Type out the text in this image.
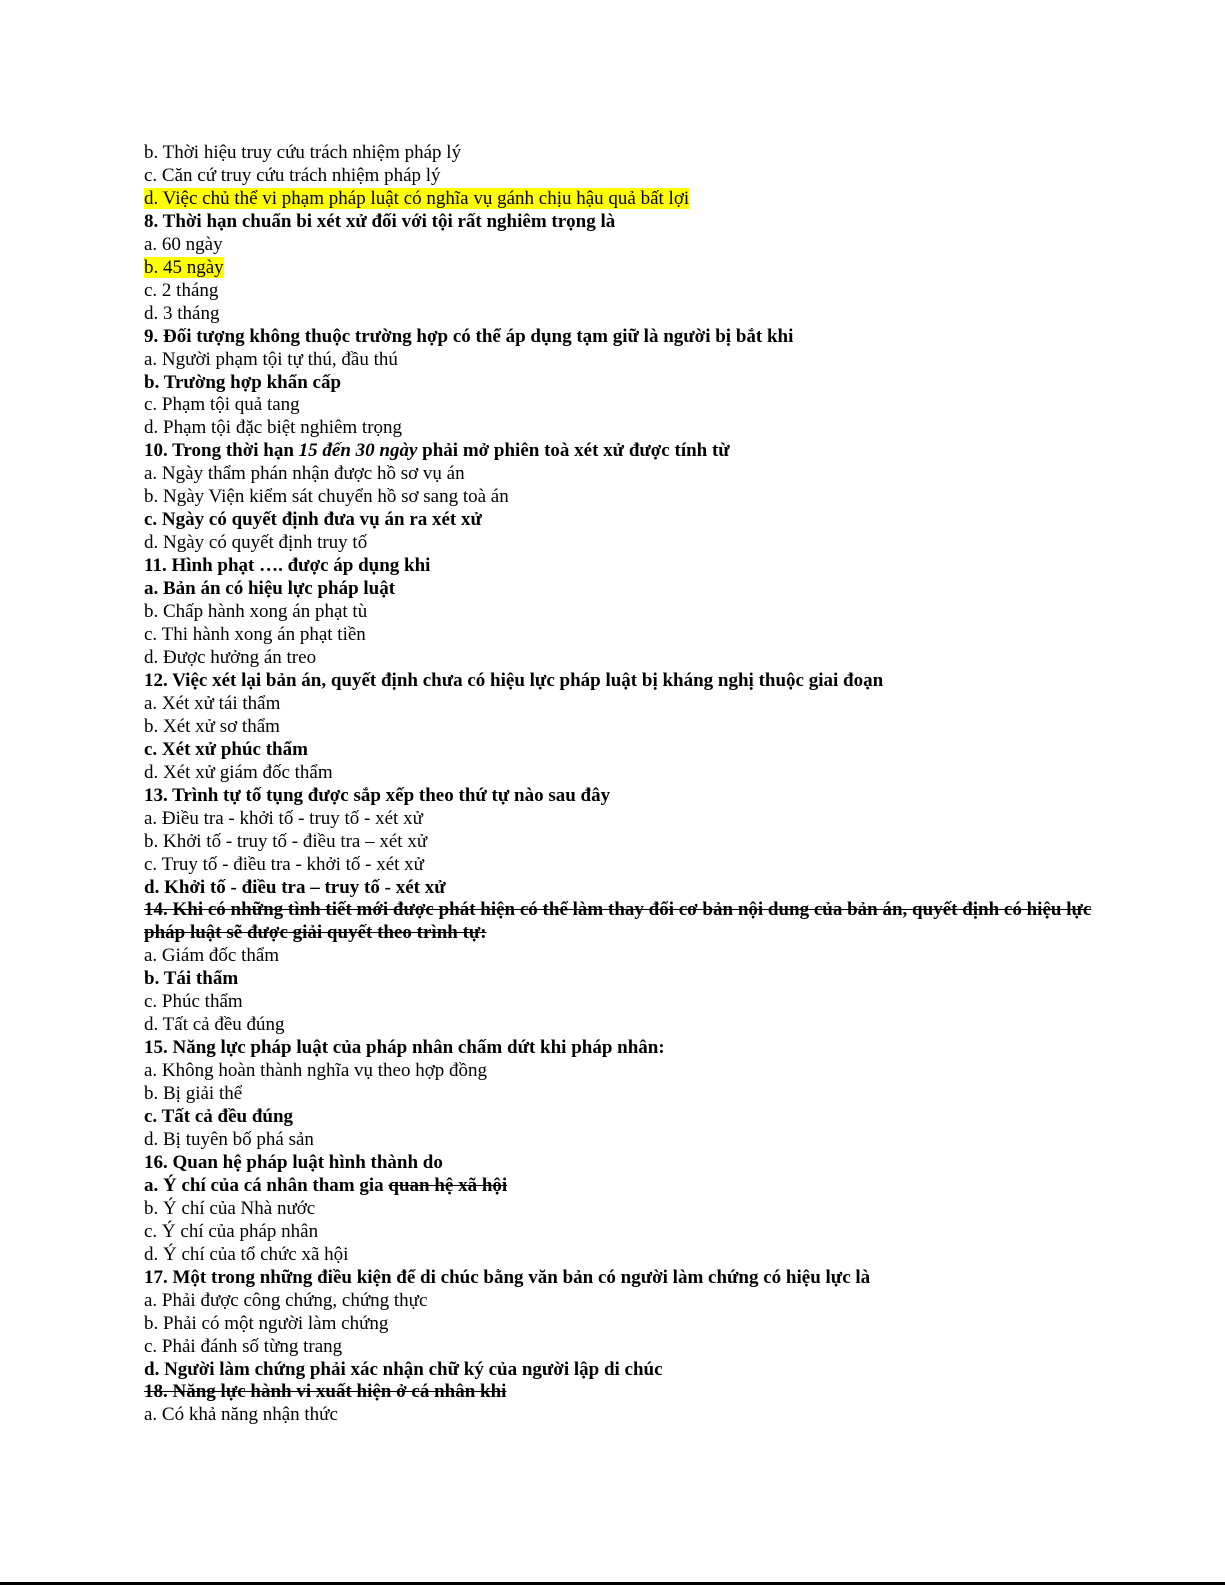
b. Thời hiệu truy cứu trách nhiệm pháp lý

c. Căn cứ truy cứu trách nhiệm pháp lý

d. Việc chủ thể vi phạm pháp luật có nghĩa vụ gánh chịu hậu quả bất lợi

8. Thời hạn chuẩn bi xét xử đối với tội rất nghiêm trọng là

a. 60 ngày

b. 45 ngày

c. 2 tháng

d. 3 tháng

9. Đối tượng không thuộc trường hợp có thể áp dụng tạm giữ là người bị bắt khi

a. Người phạm tội tự thú, đầu thú

b. Trường hợp khẩn cấp

c. Phạm tội quả tang

d. Phạm tội đặc biệt nghiêm trọng

10. Trong thời hạn 15 đến 30 ngày phải mở phiên toà xét xử được tính từ

a. Ngày thẩm phán nhận được hồ sơ vụ án

b. Ngày Viện kiểm sát chuyển hồ sơ sang toà án

c. Ngày có quyết định đưa vụ án ra xét xử

d. Ngày có quyết định truy tố

11. Hình phạt …. được áp dụng khi

a. Bản án có hiệu lực pháp luật

b. Chấp hành xong án phạt tù

c. Thi hành xong án phạt tiền

d. Được hưởng án treo

12. Việc xét lại bản án, quyết định chưa có hiệu lực pháp luật bị kháng nghị thuộc giai đoạn

a. Xét xử tái thẩm

b. Xét xử sơ thẩm

c. Xét xử phúc thẩm

d. Xét xử giám đốc thẩm

13. Trình tự tố tụng được sắp xếp theo thứ tự nào sau đây

a. Điều tra - khởi tố - truy tố - xét xử

b. Khởi tố - truy tố - điều tra – xét xử

c. Truy tố - điều tra - khởi tố - xét xử

d. Khởi tố - điều tra – truy tố - xét xử

14. Khi có những tình tiết mới được phát hiện có thể làm thay đổi cơ bản nội dung của bản án, quyết định có hiệu lực pháp luật sẽ được giải quyết theo trình tự:

a. Giám đốc thẩm

b. Tái thẩm

c. Phúc thẩm

d. Tất cả đều đúng

15. Năng lực pháp luật của pháp nhân chấm dứt khi pháp nhân:

a. Không hoàn thành nghĩa vụ theo hợp đồng

b. Bị giải thể

c. Tất cả đều đúng

d. Bị tuyên bố phá sản

16. Quan hệ pháp luật hình thành do

a. Ý chí của cá nhân tham gia quan hệ xã hội

b. Ý chí của Nhà nước

c. Ý chí của pháp nhân

d. Ý chí của tổ chức xã hội

17. Một trong những điều kiện để di chúc bằng văn bản có người làm chứng có hiệu lực là

a. Phải được công chứng, chứng thực

b. Phải có một người làm chứng

c. Phải đánh số từng trang

d. Người làm chứng phải xác nhận chữ ký của người lập di chúc

18. Năng lực hành vi xuất hiện ở cá nhân khi

a. Có khả năng nhận thức
